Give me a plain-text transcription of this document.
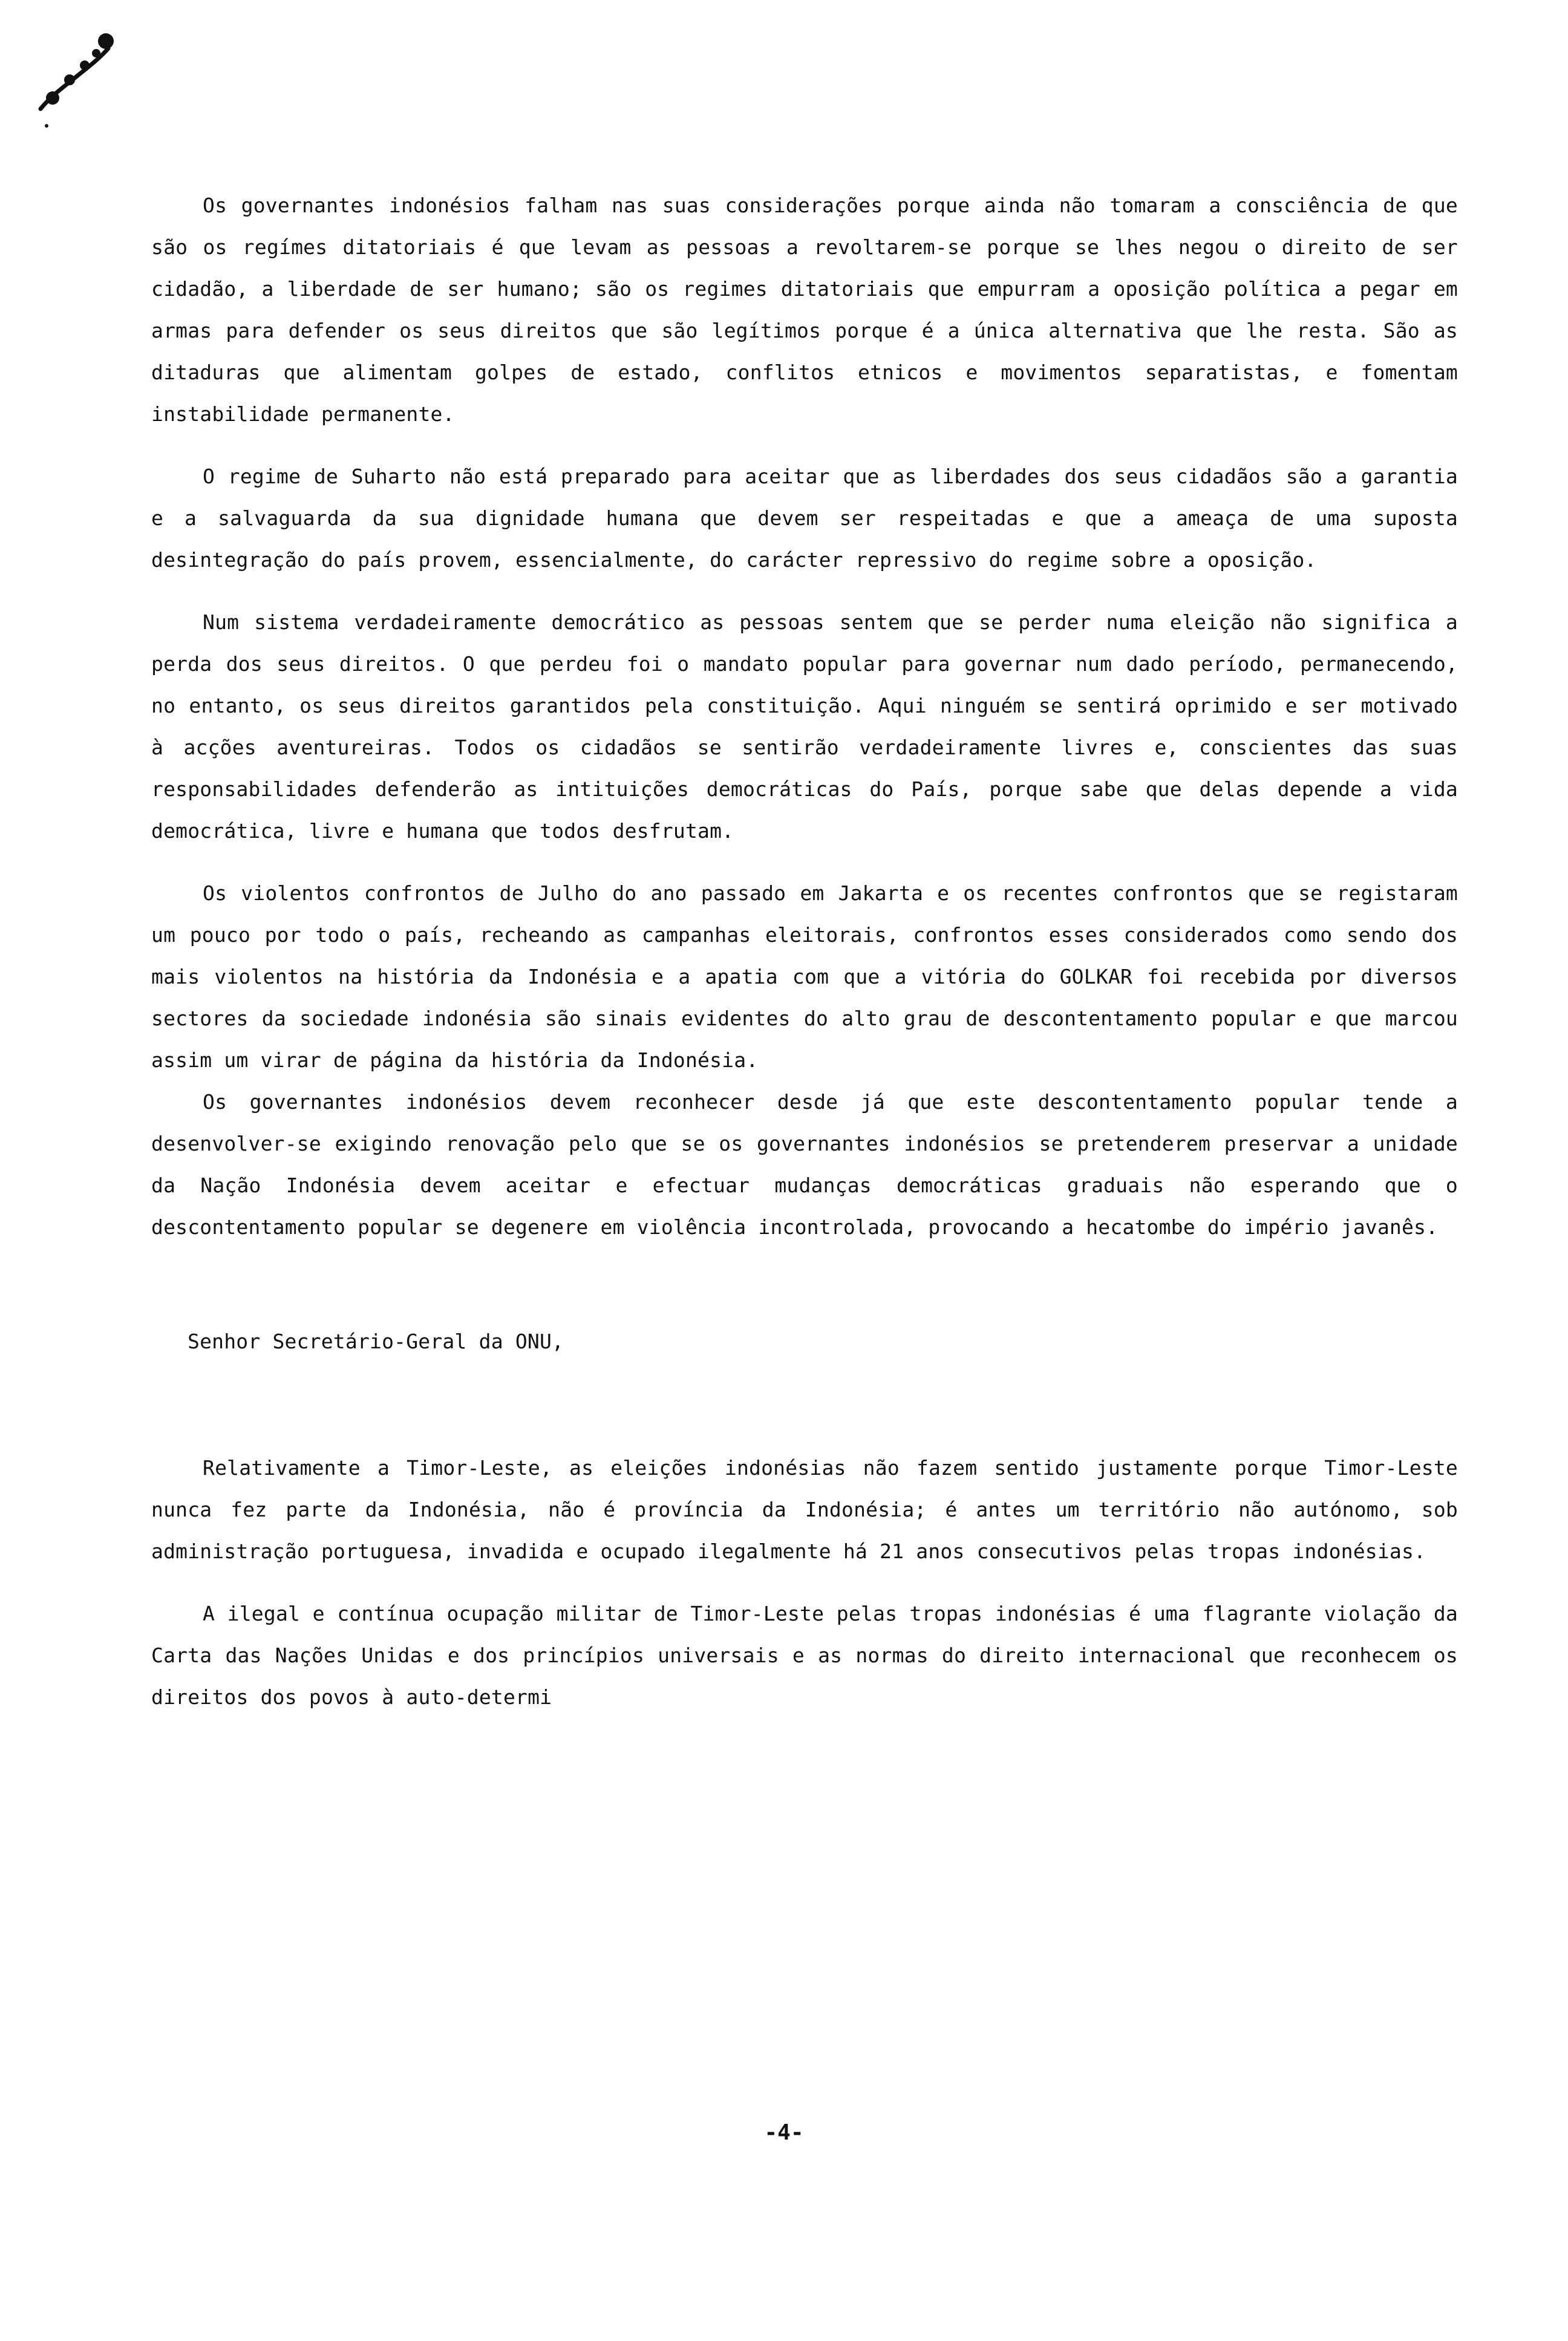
Os governantes indonésios falham nas suas considerações porque ainda não tomaram a consciência de que são os regímes ditatoriais é que levam as pessoas a revoltarem-se porque se lhes negou o direito de ser cidadão, a liberdade de ser humano; são os regimes ditatoriais que empurram a oposição política a pegar em armas para defender os seus direitos que são legítimos porque é a única alternativa que lhe resta. São as ditaduras que alimentam golpes de estado, conflitos etnicos e movimentos separatistas, e fomentam instabilidade permanente.

O regime de Suharto não está preparado para aceitar que as liberdades dos seus cidadãos são a garantia e a salvaguarda da sua dignidade humana que devem ser respeitadas e que a ameaça de uma suposta desintegração do país provem, essencialmente, do carácter repressivo do regime sobre a oposição.

Num sistema verdadeiramente democrático as pessoas sentem que se perder numa eleição não significa a perda dos seus direitos. O que perdeu foi o mandato popular para governar num dado período, permanecendo, no entanto, os seus direitos garantidos pela constituição. Aqui ninguém se sentirá oprimido e ser motivado à acções aventureiras. Todos os cidadãos se sentirão verdadeiramente livres e, conscientes das suas responsabilidades defenderão as intituições democráticas do País, porque sabe que delas depende a vida democrática, livre e humana que todos desfrutam.

Os violentos confrontos de Julho do ano passado em Jakarta e os recentes confrontos que se registaram um pouco por todo o país, recheando as campanhas eleitorais, confrontos esses considerados como sendo dos mais violentos na história da Indonésia e a apatia com que a vitória do GOLKAR foi recebida por diversos sectores da sociedade indonésia são sinais evidentes do alto grau de descontentamento popular e que marcou assim um virar de página da história da Indonésia.

Os governantes indonésios devem reconhecer desde já que este descontentamento popular tende a desenvolver-se exigindo renovação pelo que se os governantes indonésios se pretenderem preservar a unidade da Nação Indonésia devem aceitar e efectuar mudanças democráticas graduais não esperando que o descontentamento popular se degenere em violência incontrolada, provocando a hecatombe do império javanês.

Senhor Secretário-Geral da ONU,

Relativamente a Timor-Leste, as eleições indonésias não fazem sentido justamente porque Timor-Leste nunca fez parte da Indonésia, não é província da Indonésia; é antes um território não autónomo, sob administração portuguesa, invadida e ocupado ilegalmente há 21 anos consecutivos pelas tropas indonésias.

A ilegal e contínua ocupação militar de Timor-Leste pelas tropas indonésias é uma flagrante violação da Carta das Nações Unidas e dos princípios universais e as normas do direito internacional que reconhecem os direitos dos povos à auto-determi

-4-
